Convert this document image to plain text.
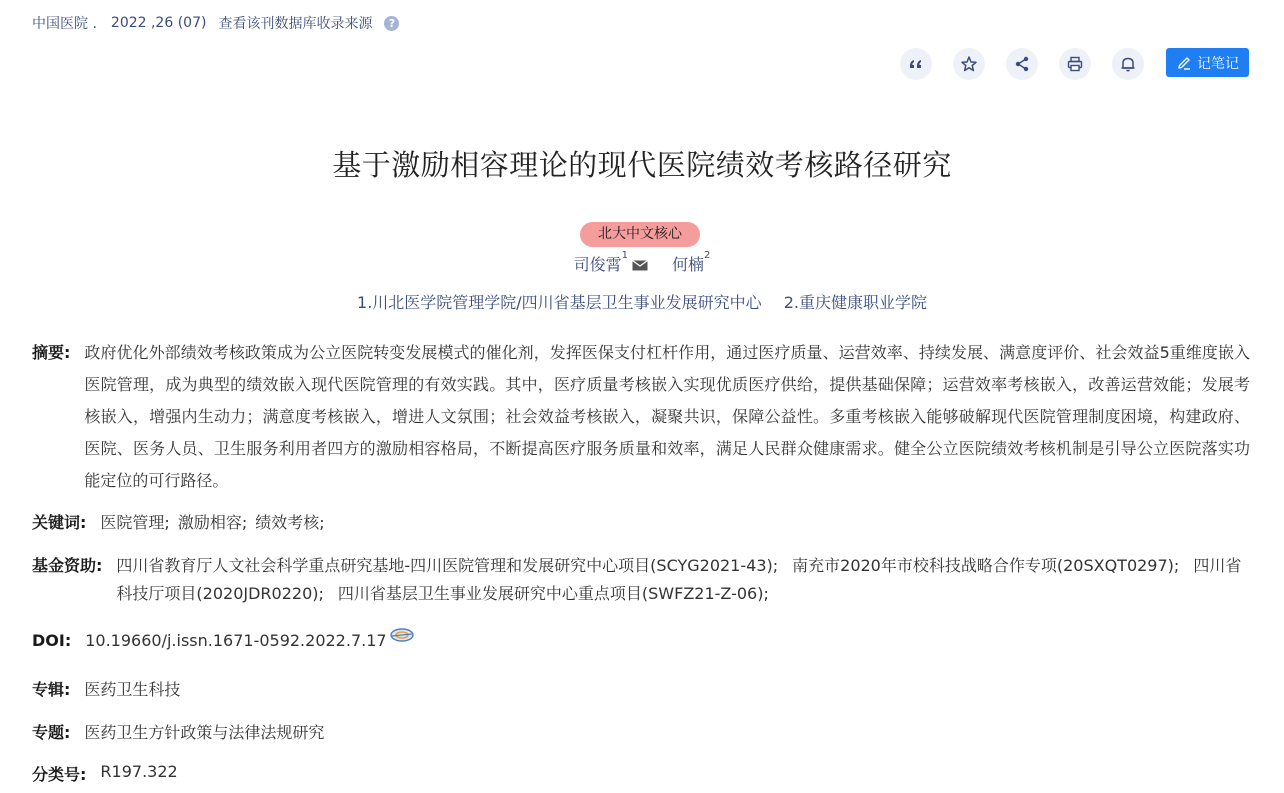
中国医院 . 2022 ,26 (07) 查看该刊数据库收录来源	?
记笔记
基于激励相容理论的现代医院绩效考核路径研究
北大中文核心
司俊霄$^1$	何楠$^2$
1.川北医学院管理学院/四川省基层卫生事业发展研究中心 2.重庆健康职业学院
摘要: 政府优化外部绩效考核政策成为公立医院转变发展模式的催化剂，发挥医保支付杠杆作用，通过医疗质量、运营效率、持续发展、满意度评价、社会效益5重维度嵌入医院管理，成为典型的绩效嵌入现代医院管理的有效实践。其中，医疗质量考核嵌入实现优质医疗供给，提供基础保障；运营效率考核嵌入，改善运营效能；发展考核嵌入，增强内生动力；满意度考核嵌入，增进人文氛围；社会效益考核嵌入，凝聚共识，保障公益性。多重考核嵌入能够破解现代医院管理制度困境，构建政府、医院、医务人员、卫生服务利用者四方的激励相容格局，不断提高医疗服务质量和效率，满足人民群众健康需求。健全公立医院绩效考核机制是引导公立医院落实功能定位的可行路径。
关键词: 医院管理; 激励相容; 绩效考核;
基金资助: 四川省教育厅人文社会科学重点研究基地-四川医院管理和发展研究中心项目(SCYG2021-43); 南充市2020年市校科技战略合作专项(20SXQT0297); 四川省科技厅项目(2020JDR0220); 四川省基层卫生事业发展研究中心重点项目(SWFZ21-Z-06);
DOI: 10.19660/j.issn.1671-0592.2022.7.17
专辑: 医药卫生科技
专题: 医药卫生方针政策与法律法规研究
分类号: R197.322
